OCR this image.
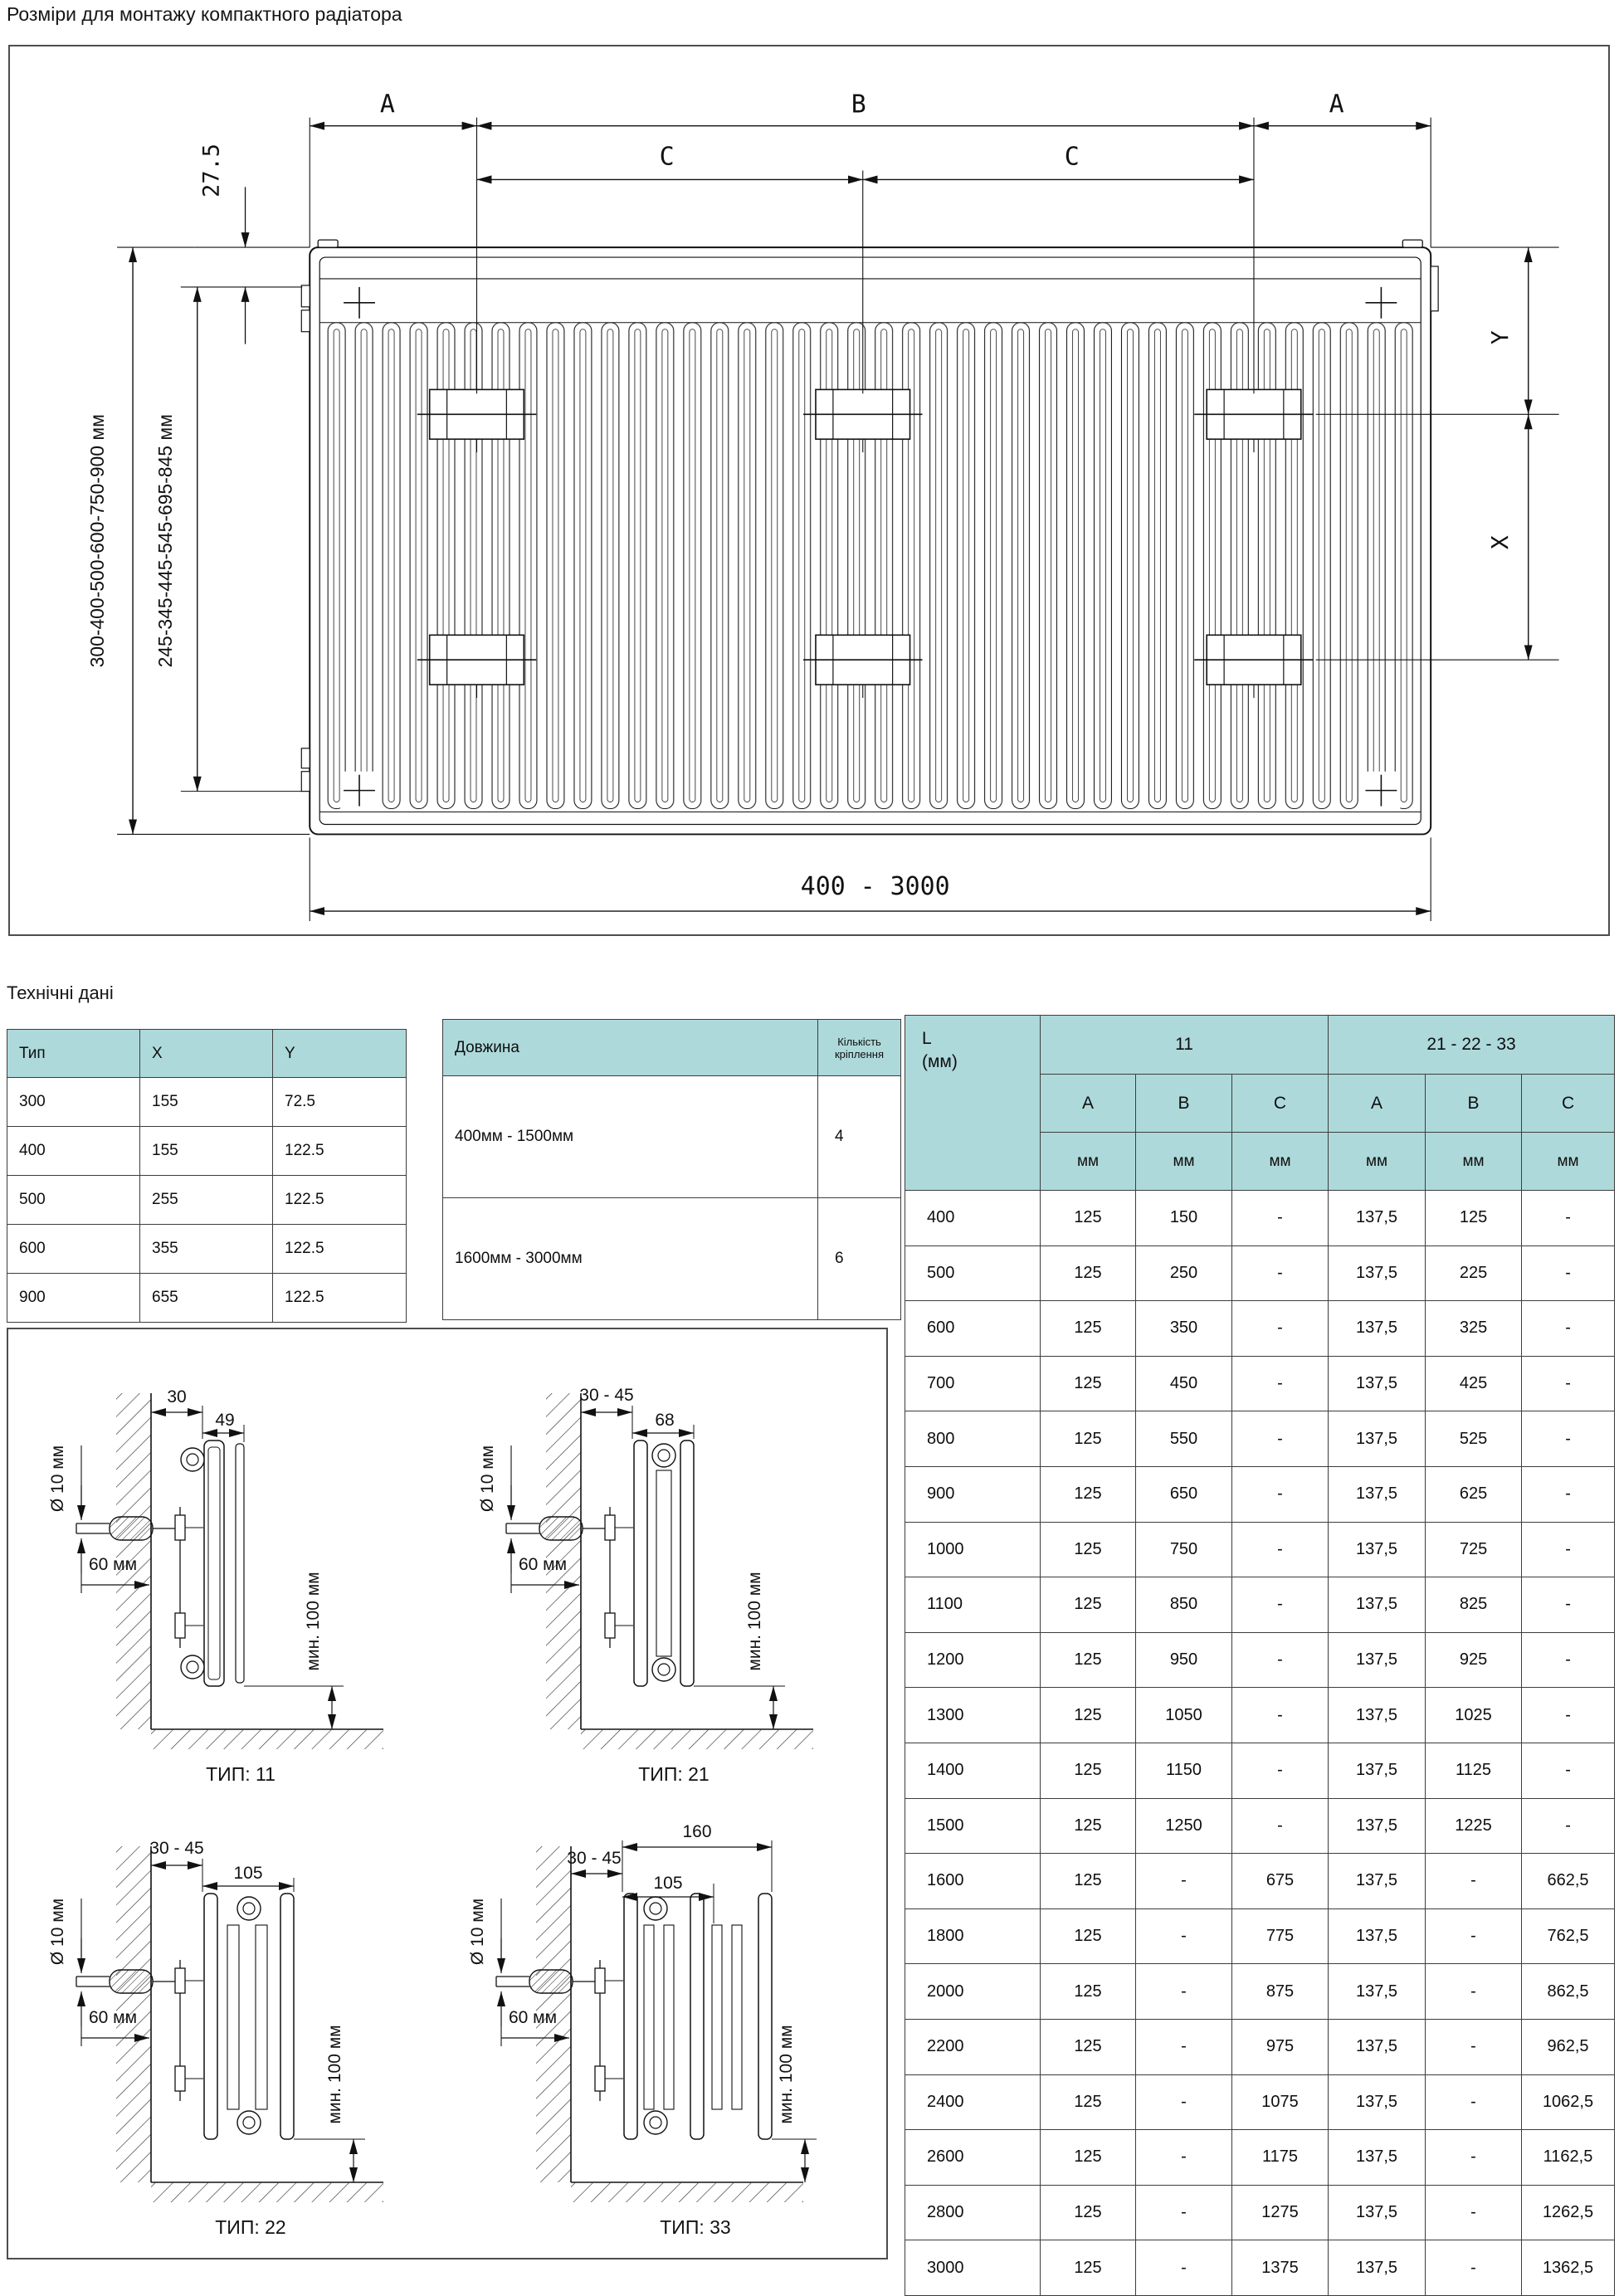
Розміри для монтажу компактного радіатора
A	B	A
C	C
27.5
300-400-500-600-750-900 мм 245-345-445-545-695-845 мм
Y
X
400 - 3000
Технічні дані
Тип	X	Y
300	155	72.5
400	155	122.5
500	255	122.5
600	355	122.5
900	655	122.5
Довжина	Кількість кріплення
400мм - 1500мм	4
1600мм - 3000мм	6
L
(мм)	11			21 - 22 - 33		
	A	B	C	A	B	C
	мм	мм	мм	мм	мм	мм
400	125	150	-	137,5	125	-
500	125	250	-	137,5	225	-
600	125	350	-	137,5	325	-
700	125	450	-	137,5	425	-
800	125	550	-	137,5	525	-
900	125	650	-	137,5	625	-
1000	125	750	-	137,5	725	-
1100	125	850	-	137,5	825	-
1200	125	950	-	137,5	925	-
1300	125	1050	-	137,5	1025	-
1400	125	1150	-	137,5	1125	-
1500	125	1250	-	137,5	1225	-
1600	125	-	675	137,5	-	662,5
1800	125	-	775	137,5	-	762,5
2000	125	-	875	137,5	-	862,5
2200	125	-	975	137,5	-	962,5
2400	125	-	1075	137,5	-	1062,5
2600	125	-	1175	137,5	-	1162,5
2800	125	-	1275	137,5	-	1262,5
3000	125	-	1375	137,5	-	1362,5
30
49
Ø 10 мм
60 мм
мин. 100 мм
ТИП: 11
30 - 45
68
Ø 10 мм
60 мм
мин. 100 мм
ТИП: 21
30 - 45
105
Ø 10 мм
60 мм
мин. 100 мм
ТИП: 22
160
30 - 45
105
Ø 10 мм
60 мм
мин. 100 мм
ТИП: 33
